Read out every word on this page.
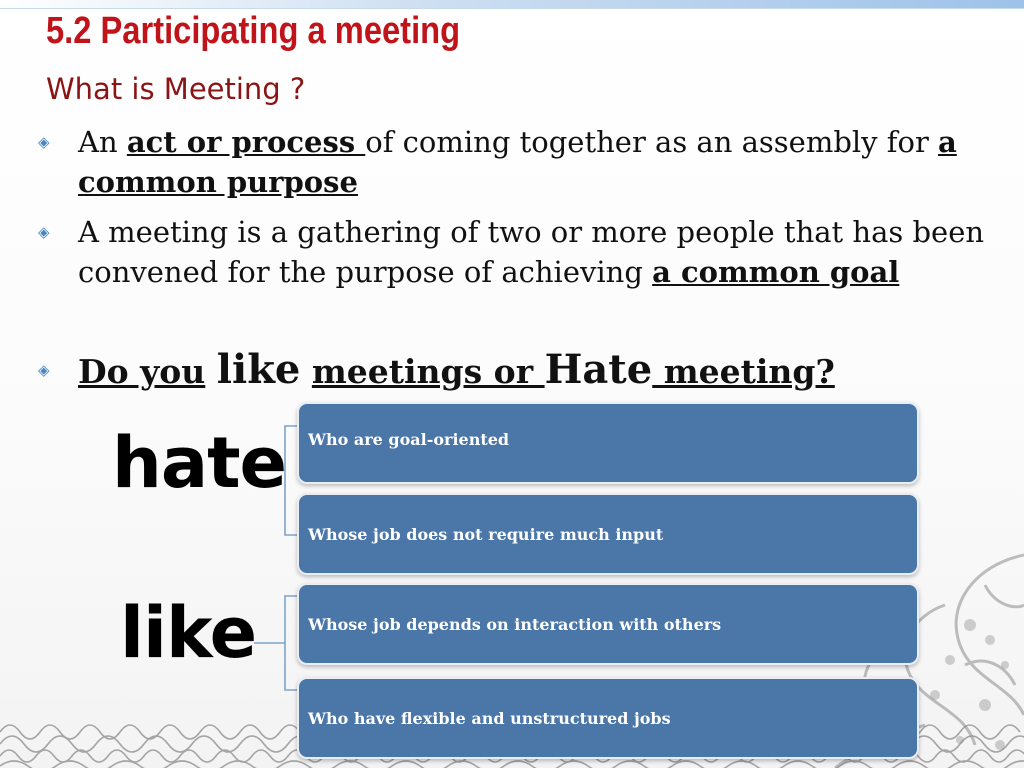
5.2 Participating a meeting
What is Meeting ?
◈ An act or process of coming together as an assembly for a common purpose
◈ A meeting is a gathering of two or more people that has been convened for the purpose of achieving a common goal
◈ Do you like meetings or Hate meeting?
hate
like
Who are goal-oriented
Whose job does not require much input
Whose job depends on interaction with others
Who have flexible and unstructured jobs
